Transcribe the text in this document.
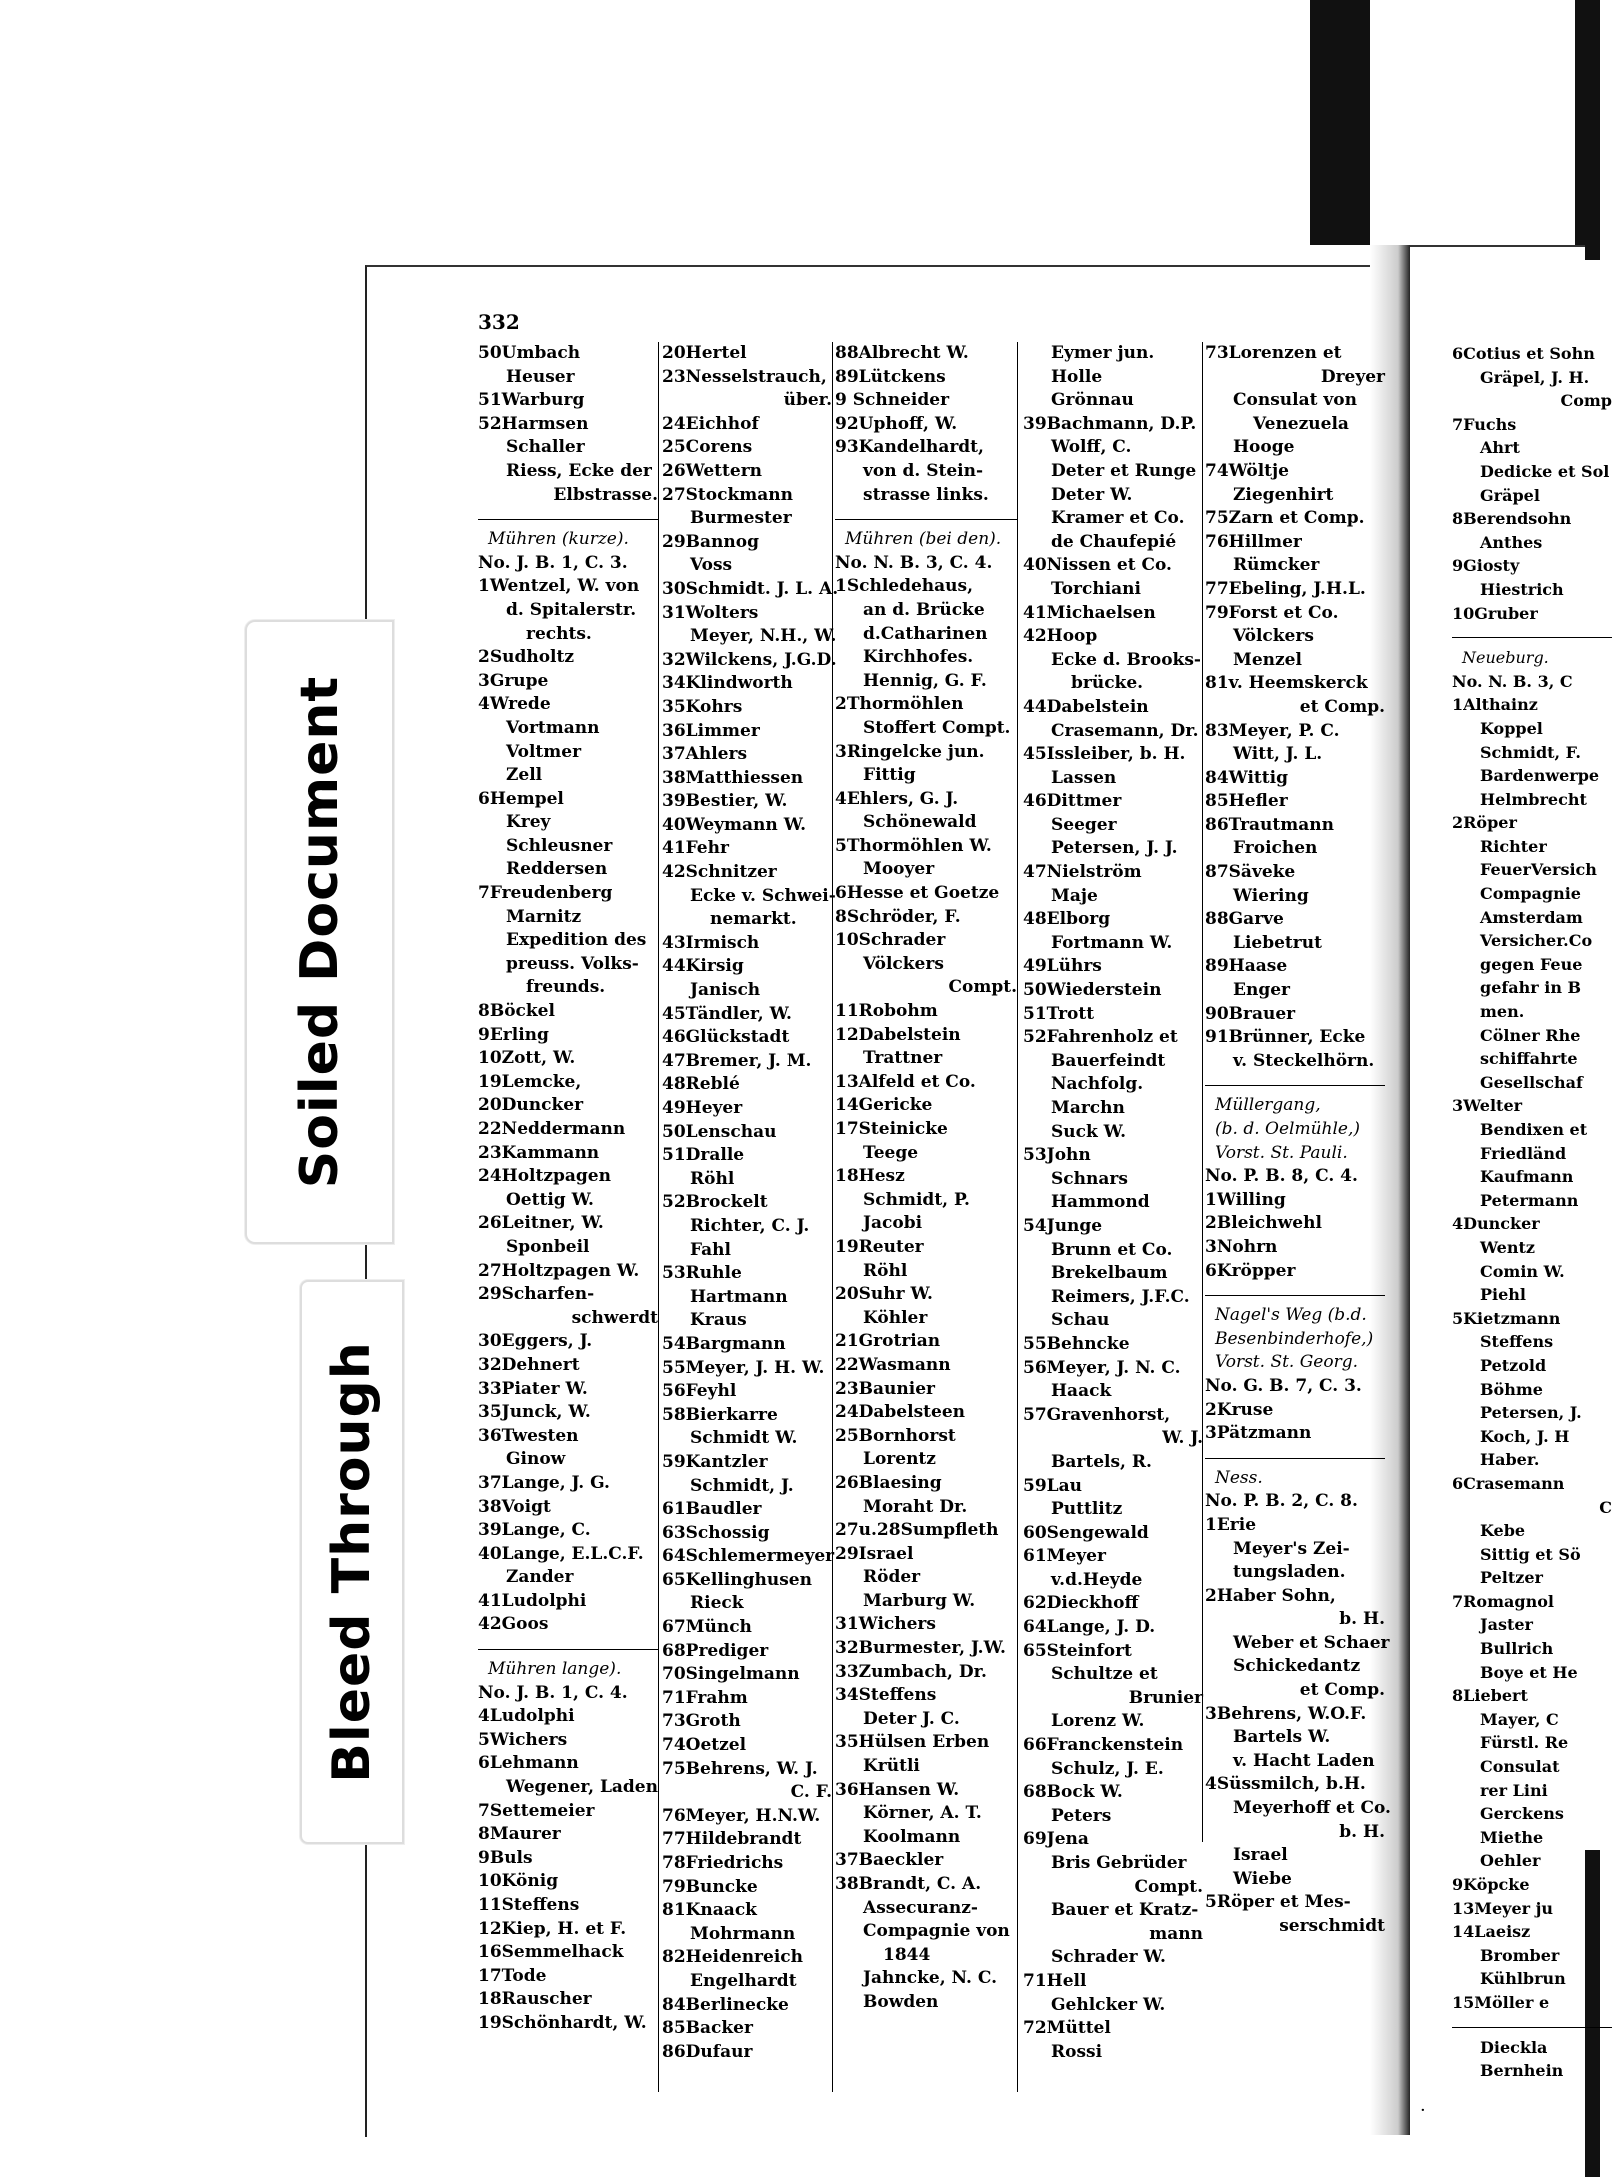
Soiled Document
Bleed Through
332
50Umbach
Heuser
51Warburg
52Harmsen
Schaller
Riess, Ecke der
Elbstrasse.
Mühren (kurze).
No. J. B. 1, C. 3.
1Wentzel, W. von
d. Spitalerstr.
rechts.
2Sudholtz
3Grupe
4Wrede
Vortmann
Voltmer
Zell
6Hempel
Krey
Schleusner
Reddersen
7Freudenberg
Marnitz
Expedition des
preuss. Volks-
freunds.
8Böckel
9Erling
10Zott, W.
19Lemcke,
20Duncker
22Neddermann
23Kammann
24Holtzpagen
Oettig W.
26Leitner, W.
Sponbeil
27Holtzpagen W.
29Scharfen-
schwerdt
30Eggers, J.
32Dehnert
33Piater W.
35Junck, W.
36Twesten
Ginow
37Lange, J. G.
38Voigt
39Lange, C.
40Lange, E.L.C.F.
Zander
41Ludolphi
42Goos
Mühren lange).
No. J. B. 1, C. 4.
4Ludolphi
5Wichers
6Lehmann
Wegener, Laden
7Settemeier
8Maurer
9Buls
10König
11Steffens
12Kiep, H. et F.
16Semmelhack
17Tode
18Rauscher
19Schönhardt, W.
20Hertel
23Nesselstrauch,
über.
24Eichhof
25Corens
26Wettern
27Stockmann
Burmester
29Bannog
Voss
30Schmidt. J. L. A.
31Wolters
Meyer, N.H., W.
32Wilckens, J.G.D.
34Klindworth
35Kohrs
36Limmer
37Ahlers
38Matthiessen
39Bestier, W.
40Weymann W.
41Fehr
42Schnitzer
Ecke v. Schwei-
nemarkt.
43Irmisch
44Kirsig
Janisch
45Tändler, W.
46Glückstadt
47Bremer, J. M.
48Reblé
49Heyer
50Lenschau
51Dralle
Röhl
52Brockelt
Richter, C. J.
Fahl
53Ruhle
Hartmann
Kraus
54Bargmann
55Meyer, J. H. W.
56Feyhl
58Bierkarre
Schmidt W.
59Kantzler
Schmidt, J.
61Baudler
63Schossig
64Schlemermeyer
65Kellinghusen
Rieck
67Münch
68Prediger
70Singelmann
71Frahm
73Groth
74Oetzel
75Behrens, W. J.
C. F.
76Meyer, H.N.W.
77Hildebrandt
78Friedrichs
79Buncke
81Knaack
Mohrmann
82Heidenreich
Engelhardt
84Berlinecke
85Backer
86Dufaur
88Albrecht W.
89Lütckens
9 Schneider
92Uphoff, W.
93Kandelhardt,
von d. Stein-
strasse links.
Mühren (bei den).
No. N. B. 3, C. 4.
1Schledehaus,
an d. Brücke
d.Catharinen
Kirchhofes.
Hennig, G. F.
2Thormöhlen
Stoffert Compt.
3Ringelcke jun.
Fittig
4Ehlers, G. J.
Schönewald
5Thormöhlen W.
Mooyer
6Hesse et Goetze
8Schröder, F.
10Schrader
Völckers
Compt.
11Robohm
12Dabelstein
Trattner
13Alfeld et Co.
14Gericke
17Steinicke
Teege
18Hesz
Schmidt, P.
Jacobi
19Reuter
Röhl
20Suhr W.
Köhler
21Grotrian
22Wasmann
23Baunier
24Dabelsteen
25Bornhorst
Lorentz
26Blaesing
Moraht Dr.
27u.28Sumpfleth
29Israel
Röder
Marburg W.
31Wichers
32Burmester, J.W.
33Zumbach, Dr.
34Steffens
Deter J. C.
35Hülsen Erben
Krütli
36Hansen W.
Körner, A. T.
Koolmann
37Baeckler
38Brandt, C. A.
Assecuranz-
Compagnie von
1844
Jahncke, N. C.
Bowden
Eymer jun.
Holle
Grönnau
39Bachmann, D.P.
Wolff, C.
Deter et Runge
Deter W.
Kramer et Co.
de Chaufepié
40Nissen et Co.
Torchiani
41Michaelsen
42Hoop
Ecke d. Brooks-
brücke.
44Dabelstein
Crasemann, Dr.
45Issleiber, b. H.
Lassen
46Dittmer
Seeger
Petersen, J. J.
47Nielström
Maje
48Elborg
Fortmann W.
49Lührs
50Wiederstein
51Trott
52Fahrenholz et
Bauerfeindt
Nachfolg.
Marchn
Suck W.
53John
Schnars
Hammond
54Junge
Brunn et Co.
Brekelbaum
Reimers, J.F.C.
Schau
55Behncke
56Meyer, J. N. C.
Haack
57Gravenhorst,
W. J.
Bartels, R.
59Lau
Puttlitz
60Sengewald
61Meyer
v.d.Heyde
62Dieckhoff
64Lange, J. D.
65Steinfort
Schultze et
Brunier
Lorenz W.
66Franckenstein
Schulz, J. E.
68Bock W.
Peters
69Jena
Bris Gebrüder
Compt.
Bauer et Kratz-
mann
Schrader W.
71Hell
Gehlcker W.
72Müttel
Rossi
73Lorenzen et
Dreyer
Consulat von
Venezuela
Hooge
74Wöltje
Ziegenhirt
75Zarn et Comp.
76Hillmer
Rümcker
77Ebeling, J.H.L.
79Forst et Co.
Völckers
Menzel
81v. Heemskerck
et Comp.
83Meyer, P. C.
Witt, J. L.
84Wittig
85Hefler
86Trautmann
Froichen
87Säveke
Wiering
88Garve
Liebetrut
89Haase
Enger
90Brauer
91Brünner, Ecke
v. Steckelhörn.
Müllergang,
(b. d. Oelmühle,)
Vorst. St. Pauli.
No. P. B. 8, C. 4.
1Willing
2Bleichwehl
3Nohrn
6Kröpper
Nagel's Weg (b.d.
Besenbinderhofe,)
Vorst. St. Georg.
No. G. B. 7, C. 3.
2Kruse
3Pätzmann
Ness.
No. P. B. 2, C. 8.
1Erie
Meyer's Zei-
tungsladen.
2Haber Sohn,
b. H.
Weber et Schaer
Schickedantz
et Comp.
3Behrens, W.O.F.
Bartels W.
v. Hacht Laden
4Süssmilch, b.H.
Meyerhoff et Co.
b. H.
Israel
Wiebe
5Röper et Mes-
serschmidt
6Cotius et Sohn
Gräpel, J. H.
Comp
7Fuchs
Ahrt
Dedicke et Sol
Gräpel
8Berendsohn
Anthes
9Giosty
Hiestrich
10Gruber
Neueburg.
No. N. B. 3, C
1Althainz
Koppel
Schmidt, F.
Bardenwerpe
Helmbrecht
2Röper
Richter
FeuerVersich
Compagnie
Amsterdam
Versicher.Co
gegen Feue
gefahr in B
men.
Cölner Rhe
schiffahrte
Gesellschaf
3Welter
Bendixen et
Friedländ
Kaufmann
Petermann
4Duncker
Wentz
Comin W.
Piehl
5Kietzmann
Steffens
Petzold
Böhme
Petersen, J.
Koch, J. H
Haber.
6Crasemann
C
Kebe
Sittig et Sö
Peltzer
7Romagnol
Jaster
Bullrich
Boye et He
8Liebert
Mayer, C
Fürstl. Re
Consulat
rer Lini
Gerckens
Miethe
Oehler
9Köpcke
13Meyer ju
14Laeisz
Bromber
Kühlbrun
15Möller e
Dieckla
Bernhein
·
